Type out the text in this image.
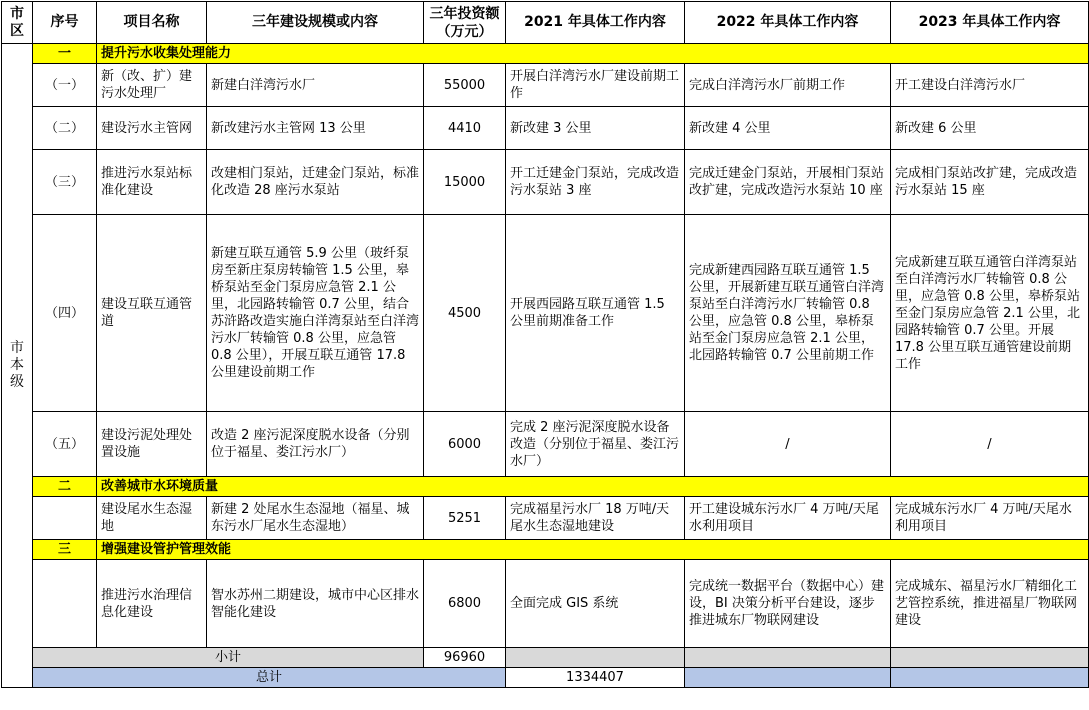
市区	序号	项目名称	三年建设规模或内容	三年投资额（万元）	2021 年具体工作内容	2022 年具体工作内容	2023 年具体工作内容	
市本级	一	提升污水收集处理能力						
	（一）	新（改、扩）建污水处理厂	新建白洋湾污水厂	55000	开展白洋湾污水厂建设前期工作	完成白洋湾污水厂前期工作	开工建设白洋湾污水厂	
	（二）	建设污水主管网	新改建污水主管网 13 公里	4410	新改建 3 公里	新改建 4 公里	新改建 6 公里	
	（三）	推进污水泵站标准化建设	改建相门泵站，迁建金门泵站，标准化改造 28 座污水泵站	15000	开工迁建金门泵站，完成改造污水泵站 3 座	完成迁建金门泵站，开展相门泵站改扩建，完成改造污水泵站 10 座	完成相门泵站改扩建，完成改造污水泵站 15 座	
	（四）	建设互联互通管道	新建互联互通管 5.9 公里（玻纤泵房至新庄泵房转输管 1.5 公里，皋桥泵站至金门泵房应急管 2.1 公里，北园路转输管 0.7 公里，结合苏浒路改造实施白洋湾泵站至白洋湾污水厂转输管 0.8 公里，应急管 0.8 公里），开展互联互通管 17.8 公里建设前期工作	4500	开展西园路互联互通管 1.5 公里前期准备工作	完成新建西园路互联互通管 1.5 公里，开展新建互联互通管白洋湾泵站至白洋湾污水厂转输管 0.8 公里，应急管 0.8 公里，皋桥泵站至金门泵房应急管 2.1 公里，北园路转输管 0.7 公里前期工作	完成新建互联互通管白洋湾泵站至白洋湾污水厂转输管 0.8 公里，应急管 0.8 公里，皋桥泵站至金门泵房应急管 2.1 公里，北园路转输管 0.7 公里。开展 17.8 公里互联互通管建设前期工作	
	（五）	建设污泥处理处置设施	改造 2 座污泥深度脱水设备（分别位于福星、娄江污水厂）	6000	完成 2 座污泥深度脱水设备改造（分别位于福星、娄江污水厂）	/	/	
	二	改善城市水环境质量						
		建设尾水生态湿地	新建 2 处尾水生态湿地（福星、城东污水厂尾水生态湿地）	5251	完成福星污水厂 18 万吨/天尾水生态湿地建设	开工建设城东污水厂 4 万吨/天尾水利用项目	完成城东污水厂 4 万吨/天尾水利用项目	
	三	增强建设管护管理效能						
		推进污水治理信息化建设	智水苏州二期建设，城市中心区排水智能化建设	6800	全面完成 GIS 系统	完成统一数据平台（数据中心）建设，BI 决策分析平台建设，逐步推进城东厂物联网建设	完成城东、福星污水厂精细化工艺管控系统，推进福星厂物联网建设	
	小计			96960				
	总计				1334407			
